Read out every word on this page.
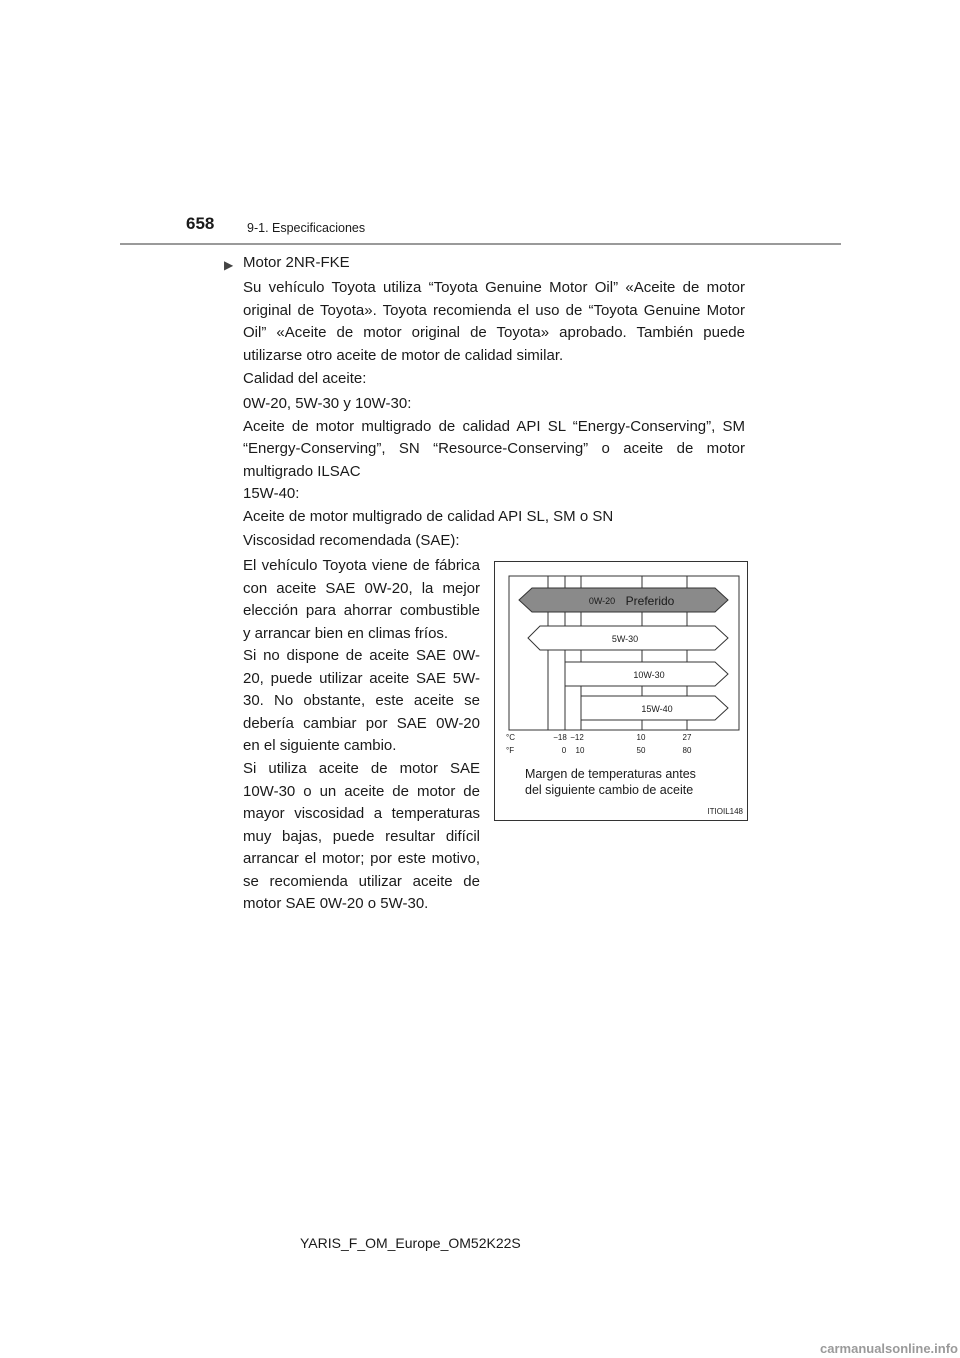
658	9-1. Especificaciones
▶ Motor 2NR-FKE

Su vehículo Toyota utiliza “Toyota Genuine Motor Oil” «Aceite de motor original de Toyota». Toyota recomienda el uso de “Toyota Genuine Motor Oil” «Aceite de motor original de Toyota» aprobado. También puede utilizarse otro aceite de motor de calidad similar.

Calidad del aceite:

0W-20, 5W-30 y 10W-30:

Aceite de motor multigrado de calidad API SL “Energy-Conserving”, SM “Energy-Conserving”, SN “Resource-Conserving” o aceite de motor multigrado ILSAC

15W-40:

Aceite de motor multigrado de calidad API SL, SM o SN

Viscosidad recomendada (SAE):
El vehículo Toyota viene de fábrica con aceite SAE 0W-20, la mejor elección para ahorrar combustible y arrancar bien en climas fríos.
Si no dispone de aceite SAE 0W-20, puede utilizar aceite SAE 5W-30. No obstante, este aceite se debería cambiar por SAE 0W-20 en el siguiente cambio.
Si utiliza aceite de motor SAE 10W-30 o un aceite de motor de mayor viscosidad a temperaturas muy bajas, puede resultar difícil arrancar el motor; por este motivo, se recomienda utilizar aceite de motor SAE 0W-20 o 5W-30.
0W-20 Preferido
5W-30
10W-30
15W-40
°C
°F
−18 −12	10	27
0 10	50	80
Margen de temperaturas antes
del siguiente cambio de aceite
ITIOIL148
YARIS_F_OM_Europe_OM52K22S
carmanualsonline.info
